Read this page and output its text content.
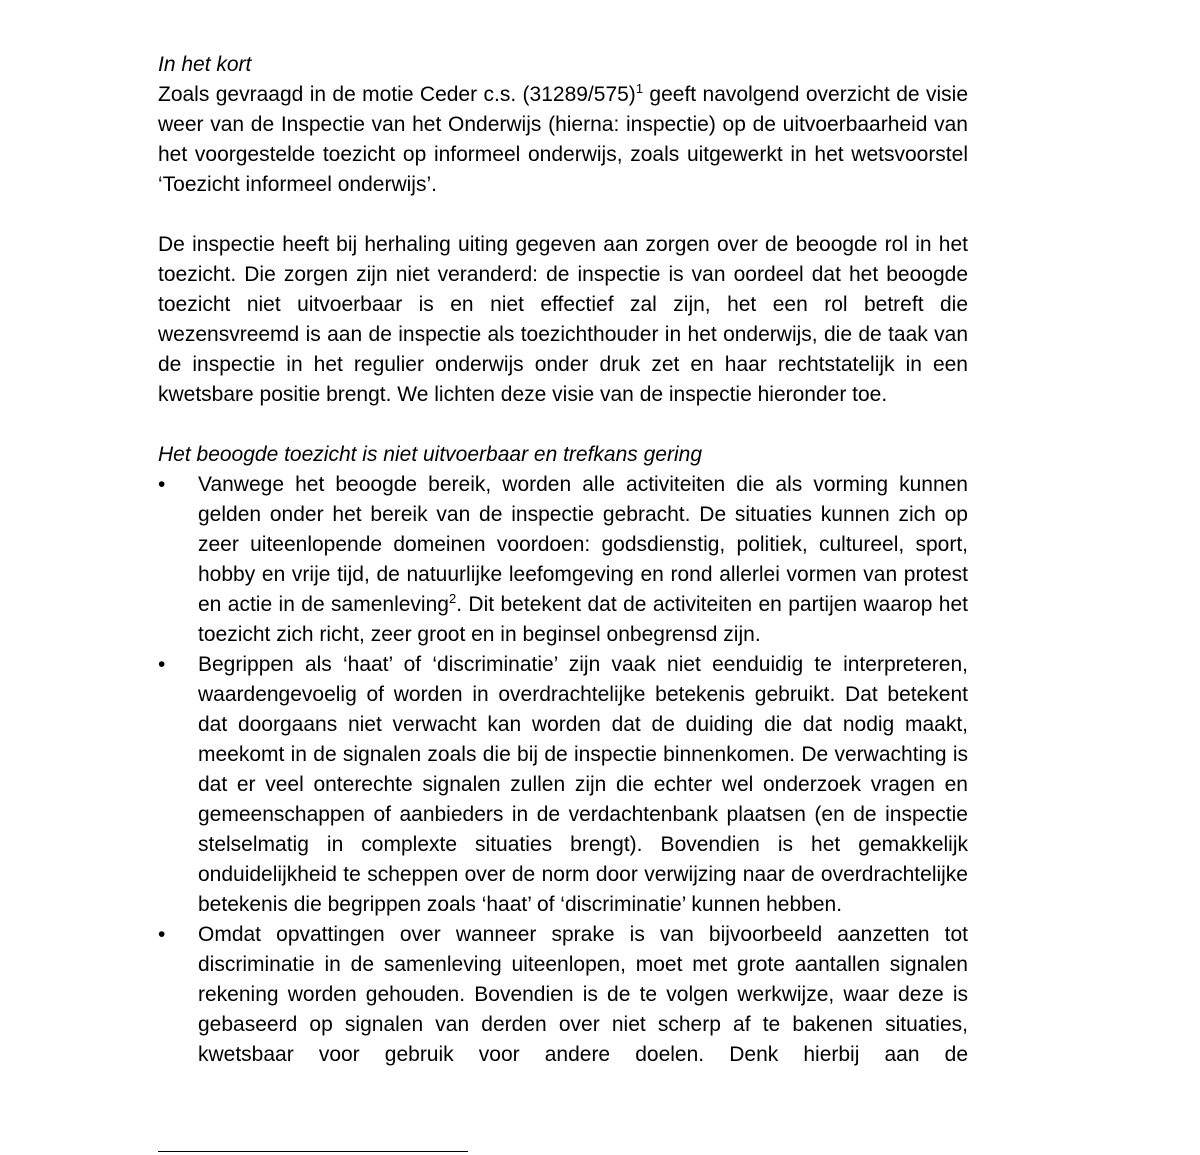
In het kort

Zoals gevraagd in de motie Ceder c.s. $(31289/575)^1$ geeft navolgend overzicht de visie weer van de Inspectie van het Onderwijs (hierna: inspectie) op de uitvoerbaarheid van het voorgestelde toezicht op informeel onderwijs, zoals uitgewerkt in het wetsvoorstel ‘Toezicht informeel onderwijs’.

De inspectie heeft bij herhaling uiting gegeven aan zorgen over de beoogde rol in het toezicht. Die zorgen zijn niet veranderd: de inspectie is van oordeel dat het beoogde toezicht niet uitvoerbaar is en niet effectief zal zijn, het een rol betreft die wezensvreemd is aan de inspectie als toezichthouder in het onderwijs, die de taak van de inspectie in het regulier onderwijs onder druk zet en haar rechtstatelijk in een kwetsbare positie brengt. We lichten deze visie van de inspectie hieronder toe.

Het beoogde toezicht is niet uitvoerbaar en trefkans gering

•	Vanwege het beoogde bereik, worden alle activiteiten die als vorming kunnen gelden onder het bereik van de inspectie gebracht. De situaties kunnen zich op zeer uiteenlopende domeinen voordoen: godsdienstig, politiek, cultureel, sport, hobby en vrije tijd, de natuurlijke leefomgeving en rond allerlei vormen van protest en actie in de samenleving$^2$. Dit betekent dat de activiteiten en partijen waarop het toezicht zich richt, zeer groot en in beginsel onbegrensd zijn.
•	Begrippen als ‘haat’ of ‘discriminatie’ zijn vaak niet eenduidig te interpreteren, waardengevoelig of worden in overdrachtelijke betekenis gebruikt. Dat betekent dat doorgaans niet verwacht kan worden dat de duiding die dat nodig maakt, meekomt in de signalen zoals die bij de inspectie binnenkomen. De verwachting is dat er veel onterechte signalen zullen zijn die echter wel onderzoek vragen en gemeenschappen of aanbieders in de verdachtenbank plaatsen (en de inspectie stelselmatig in complexte situaties brengt). Bovendien is het gemakkelijk onduidelijkheid te scheppen over de norm door verwijzing naar de overdrachtelijke betekenis die begrippen zoals ‘haat’ of ‘discriminatie’ kunnen hebben.
•	Omdat opvattingen over wanneer sprake is van bijvoorbeeld aanzetten tot discriminatie in de samenleving uiteenlopen, moet met grote aantallen signalen rekening worden gehouden. Bovendien is de te volgen werkwijze, waar deze is gebaseerd op signalen van derden over niet scherp af te bakenen situaties, kwetsbaar voor gebruik voor andere doelen. Denk hierbij aan de
